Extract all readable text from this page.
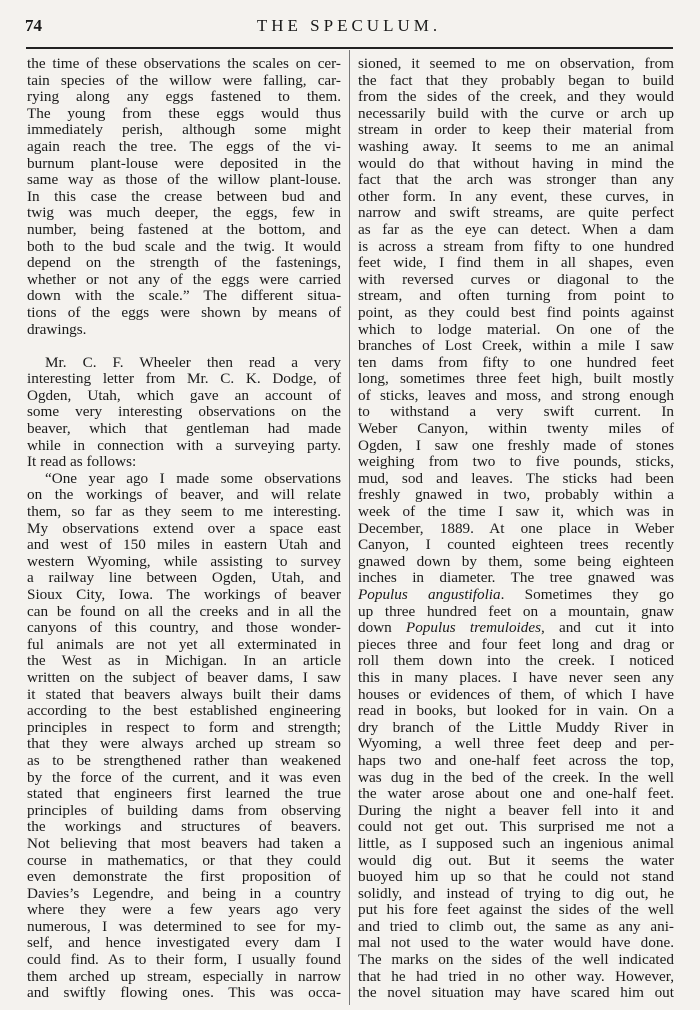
74	THE SPECULUM.
the time of these observations the scales on cer-
tain species of the willow were falling, car-
rying along any eggs fastened to them.
The young from these eggs would thus
immediately perish, although some might
again reach the tree. The eggs of the vi-
burnum plant-louse were deposited in the
same way as those of the willow plant-louse.
In this case the crease between bud and
twig was much deeper, the eggs, few in
number, being fastened at the bottom, and
both to the bud scale and the twig. It would
depend on the strength of the fastenings,
whether or not any of the eggs were carried
down with the scale.” The different situa-
tions of the eggs were shown by means of
drawings.
Mr. C. F. Wheeler then read a very
interesting letter from Mr. C. K. Dodge, of
Ogden, Utah, which gave an account of
some very interesting observations on the
beaver, which that gentleman had made
while in connection with a surveying party.
It read as follows:
“One year ago I made some observations
on the workings of beaver, and will relate
them, so far as they seem to me interesting.
My observations extend over a space east
and west of 150 miles in eastern Utah and
western Wyoming, while assisting to survey
a railway line between Ogden, Utah, and
Sioux City, Iowa. The workings of beaver
can be found on all the creeks and in all the
canyons of this country, and those wonder-
ful animals are not yet all exterminated in
the West as in Michigan. In an article
written on the subject of beaver dams, I saw
it stated that beavers always built their dams
according to the best established engineering
principles in respect to form and strength;
that they were always arched up stream so
as to be strengthened rather than weakened
by the force of the current, and it was even
stated that engineers first learned the true
principles of building dams from observing
the workings and structures of beavers.
Not believing that most beavers had taken a
course in mathematics, or that they could
even demonstrate the first proposition of
Davies’s Legendre, and being in a country
where they were a few years ago very
numerous, I was determined to see for my-
self, and hence investigated every dam I
could find. As to their form, I usually found
them arched up stream, especially in narrow
and swiftly flowing ones. This was occa-
sioned, it seemed to me on observation, from
the fact that they probably began to build
from the sides of the creek, and they would
necessarily build with the curve or arch up
stream in order to keep their material from
washing away. It seems to me an animal
would do that without having in mind the
fact that the arch was stronger than any
other form. In any event, these curves, in
narrow and swift streams, are quite perfect
as far as the eye can detect. When a dam
is across a stream from fifty to one hundred
feet wide, I find them in all shapes, even
with reversed curves or diagonal to the
stream, and often turning from point to
point, as they could best find points against
which to lodge material. On one of the
branches of Lost Creek, within a mile I saw
ten dams from fifty to one hundred feet
long, sometimes three feet high, built mostly
of sticks, leaves and moss, and strong enough
to withstand a very swift current. In
Weber Canyon, within twenty miles of
Ogden, I saw one freshly made of stones
weighing from two to five pounds, sticks,
mud, sod and leaves. The sticks had been
freshly gnawed in two, probably within a
week of the time I saw it, which was in
December, 1889. At one place in Weber
Canyon, I counted eighteen trees recently
gnawed down by them, some being eighteen
inches in diameter. The tree gnawed was
Populus angustifolia. Sometimes they go
up three hundred feet on a mountain, gnaw
down Populus tremuloides, and cut it into
pieces three and four feet long and drag or
roll them down into the creek. I noticed
this in many places. I have never seen any
houses or evidences of them, of which I have
read in books, but looked for in vain. On a
dry branch of the Little Muddy River in
Wyoming, a well three feet deep and per-
haps two and one-half feet across the top,
was dug in the bed of the creek. In the well
the water arose about one and one-half feet.
During the night a beaver fell into it and
could not get out. This surprised me not a
little, as I supposed such an ingenious animal
would dig out. But it seems the water
buoyed him up so that he could not stand
solidly, and instead of trying to dig out, he
put his fore feet against the sides of the well
and tried to climb out, the same as any ani-
mal not used to the water would have done.
The marks on the sides of the well indicated
that he had tried in no other way. However,
the novel situation may have scared him out
